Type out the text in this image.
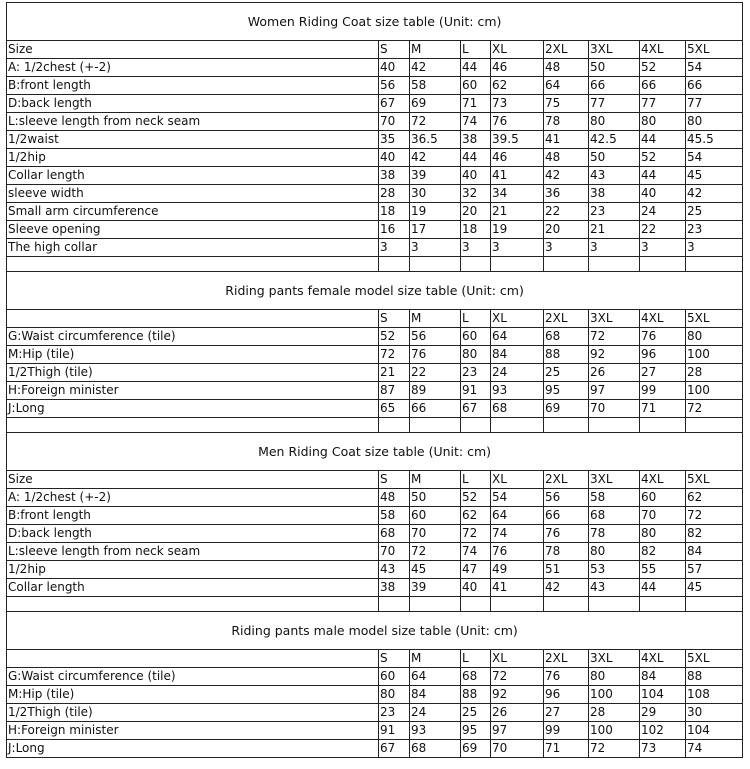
Women Riding Coat size table (Unit: cm)								
Size	S	M	L	XL	2XL	3XL	4XL	5XL
A: 1/2chest (+-2)	40	42	44	46	48	50	52	54
B:front length	56	58	60	62	64	66	66	66
D:back length	67	69	71	73	75	77	77	77
L:sleeve length from neck seam	70	72	74	76	78	80	80	80
1/2waist	35	36.5	38	39.5	41	42.5	44	45.5
1/2hip	40	42	44	46	48	50	52	54
Collar length	38	39	40	41	42	43	44	45
sleeve width	28	30	32	34	36	38	40	42
Small arm circumference	18	19	20	21	22	23	24	25
Sleeve opening	16	17	18	19	20	21	22	23
The high collar	3	3	3	3	3	3	3	3

Riding pants female model size table (Unit: cm)								
	S	M	L	XL	2XL	3XL	4XL	5XL
G:Waist circumference (tile)	52	56	60	64	68	72	76	80
M:Hip (tile)	72	76	80	84	88	92	96	100
1/2Thigh (tile)	21	22	23	24	25	26	27	28
H:Foreign minister	87	89	91	93	95	97	99	100
J:Long	65	66	67	68	69	70	71	72

Men Riding Coat size table (Unit: cm)								
Size	S	M	L	XL	2XL	3XL	4XL	5XL
A: 1/2chest (+-2)	48	50	52	54	56	58	60	62
B:front length	58	60	62	64	66	68	70	72
D:back length	68	70	72	74	76	78	80	82
L:sleeve length from neck seam	70	72	74	76	78	80	82	84
1/2hip	43	45	47	49	51	53	55	57
Collar length	38	39	40	41	42	43	44	45

Riding pants male model size table (Unit: cm)								
	S	M	L	XL	2XL	3XL	4XL	5XL
G:Waist circumference (tile)	60	64	68	72	76	80	84	88
M:Hip (tile)	80	84	88	92	96	100	104	108
1/2Thigh (tile)	23	24	25	26	27	28	29	30
H:Foreign minister	91	93	95	97	99	100	102	104
J:Long	67	68	69	70	71	72	73	74
